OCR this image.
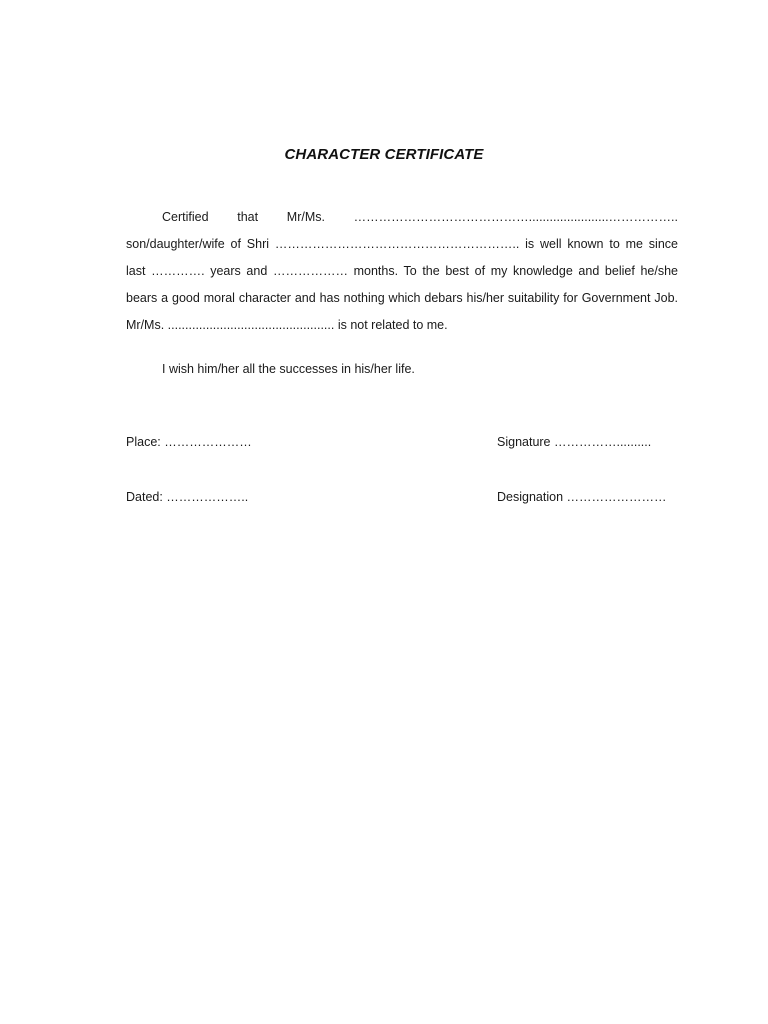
CHARACTER CERTIFICATE

Certified that Mr/Ms. …………………………………….......................…………….. son/daughter/wife of Shri ………………………………………………….. is well known to me since last …………. years and ……………… months. To the best of my knowledge and belief he/she bears a good moral character and has nothing which debars his/her suitability for Government Job. Mr/Ms. ................................................ is not related to me.

I wish him/her all the successes in his/her life.

Place: …………………
Dated: ………………..
Signature ……………..........
Designation ……………………
